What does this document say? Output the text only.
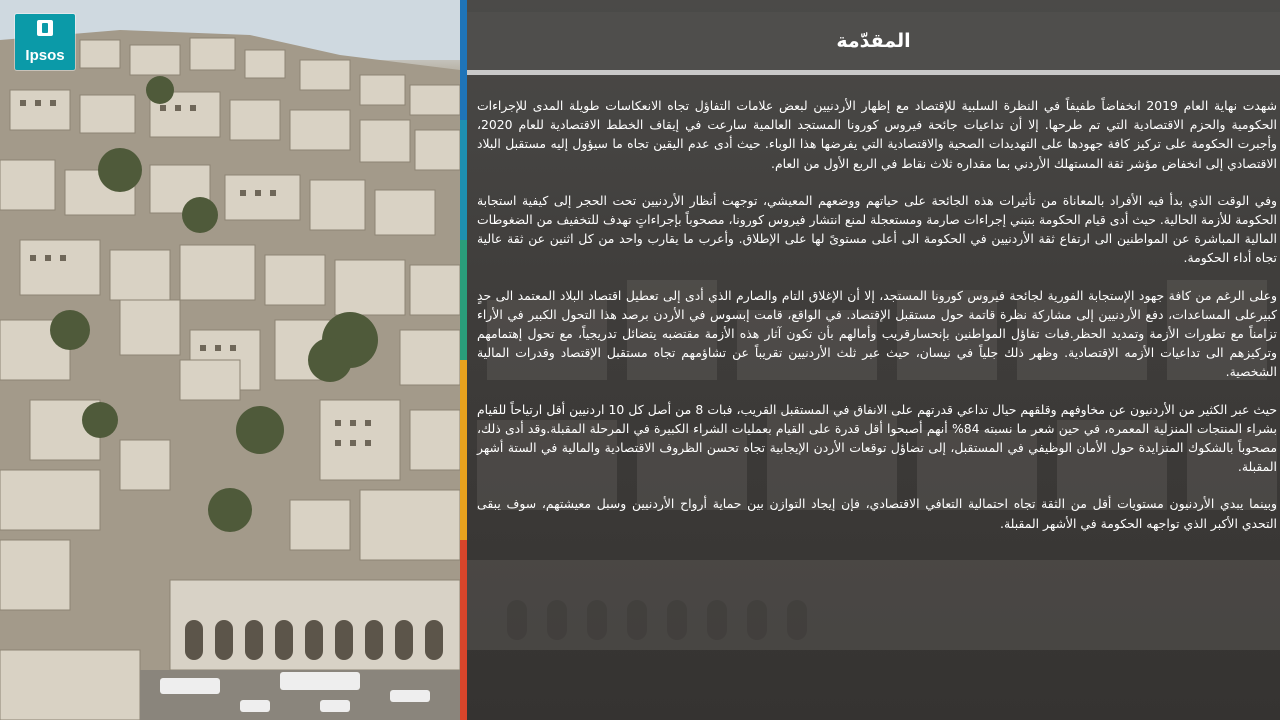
Ipsos
المقدّمة

شهدت نهاية العام 2019 انخفاضاً طفيفاً في النظرة السلبية للإقتصاد مع إظهار الأردنيين لبعض علامات التفاؤل تجاه الانعكاسات طويلة المدى للإجراءات الحكومية والحزم الاقتصادية التي تم طرحها. إلا أن تداعيات جائحة فيروس كورونا المستجد العالمية سارعت في إيقاف الخطط الاقتصادية للعام 2020، وأجبرت الحكومة على تركيز كافة جهودها على التهديدات الصحية والاقتصادية التي يفرضها هذا الوباء. حيث أدى عدم اليقين تجاه ما سيؤول إليه مستقبل البلاد الاقتصادي إلى انخفاض مؤشر ثقة المستهلك الأردني بما مقداره ثلاث نقاط في الربع الأول من العام.

وفي الوقت الذي بدأ فيه الأفراد بالمعاناة من تأثيرات هذه الجائحة على حياتهم ووضعهم المعيشي، توجهت أنظار الأردنيين تحت الحجر إلى كيفية استجابة الحكومة للأزمة الحالية. حيث أدى قيام الحكومة بتبني إجراءات صارمة ومستعجلة لمنع انتشار فيروس كورونا، مصحوباً بإجراءاتٍ تهدف للتخفيف من الضغوطات المالية المباشرة عن المواطنين الى ارتفاع ثقة الأردنيين في الحكومة الى أعلى مستوىً لها على الإطلاق. وأعرب ما يقارب واحد من كل اثنين عن ثقة عالية تجاه أداء الحكومة.

وعلى الرغم من كافة جهود الإستجابة الفورية لجائحة فيروس كورونا المستجد، إلا أن الإغلاق التام والصارم الذي أدى إلى تعطيل اقتصاد البلاد المعتمد الى حدٍ كبيرعلى المساعدات، دفع الأردنيين إلى مشاركة نظرة قاتمة حول مستقبل الإقتصاد. في الواقع، قامت إبسوس في الأردن برصد هذا التحول الكبير في الأراء تزامناً مع تطورات الأزمة وتمديد الحظر.فبات تفاؤل المواطنين بإنحسارقريب وأمالهم بأن تكون آثار هذه الأزمة مقتضبه يتضائل تدريجياً، مع تحول إهتمامهم وتركيزهم الى تداعيات الأزمه الإقتصادية. وظهر ذلك جلياً في نيسان، حيث عبر ثلث الأردنيين تقريباً عن تشاؤمهم تجاه مستقبل الإقتصاد وقدرات المالية الشخصية.

حيث عبر الكثير من الأردنيون عن مخاوفهم وقلقهم حيال تداعي قدرتهم على الانفاق في المستقبل القريب، فبات 8 من أصل كل 10 اردنيين أقل ارتياحاً للقيام بشراء المنتجات المنزلية المعمره، في حين شعر ما نسبته 84% أنهم أصبحوا أقل قدرة على القيام بعمليات الشراء الكبيرة في المرحلة المقبلة.وقد أدى ذلك، مصحوباً بالشكوك المتزايدة حول الأمان الوظيفي في المستقبل، إلى تضاؤل توقعات الأردن الإيجابية تجاه تحسن الظروف الاقتصادية والمالية في الستة أشهر المقبلة.

وبينما يبدي الأردنيون مستويات أقل من الثقة تجاه احتمالية التعافي الاقتصادي، فإن إيجاد التوازن بين حماية أرواح الأردنيين وسبل معيشتهم، سوف يبقى التحدي الأكبر الذي تواجهه الحكومة في الأشهر المقبلة.
